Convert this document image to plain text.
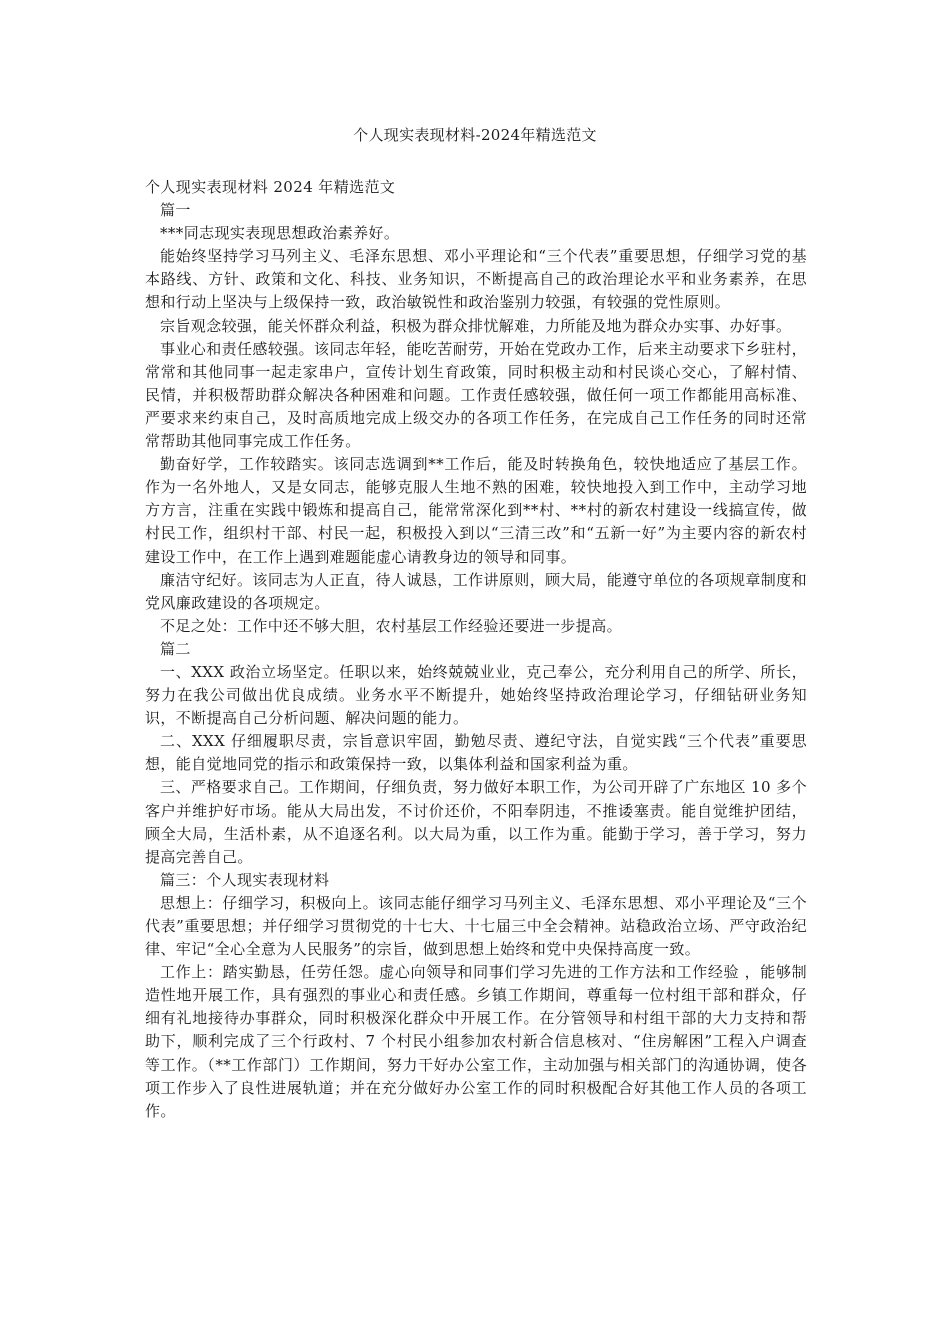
个人现实表现材料-2024年精选范文

个人现实表现材料 2024 年精选范文

篇一

***同志现实表现思想政治素养好。

能始终坚持学习马列主义、毛泽东思想、邓小平理论和“三个代表”重要思想，仔细学习党的基本路线、方针、政策和文化、科技、业务知识，不断提高自己的政治理论水平和业务素养，在思想和行动上坚决与上级保持一致，政治敏锐性和政治鉴别力较强，有较强的党性原则。

宗旨观念较强，能关怀群众利益，积极为群众排忧解难，力所能及地为群众办实事、办好事。

事业心和责任感较强。该同志年轻，能吃苦耐劳，开始在党政办工作，后来主动要求下乡驻村，常常和其他同事一起走家串户，宣传计划生育政策，同时积极主动和村民谈心交心，了解村情、民情，并积极帮助群众解决各种困难和问题。工作责任感较强，做任何一项工作都能用高标准、严要求来约束自己，及时高质地完成上级交办的各项工作任务，在完成自己工作任务的同时还常常帮助其他同事完成工作任务。

勤奋好学，工作较踏实。该同志选调到**工作后，能及时转换角色，较快地适应了基层工作。作为一名外地人，又是女同志，能够克服人生地不熟的困难，较快地投入到工作中，主动学习地方方言，注重在实践中锻炼和提高自己，能常常深化到**村、**村的新农村建设一线搞宣传，做村民工作，组织村干部、村民一起，积极投入到以“三清三改”和“五新一好”为主要内容的新农村建设工作中，在工作上遇到难题能虚心请教身边的领导和同事。

廉洁守纪好。该同志为人正直，待人诚恳，工作讲原则，顾大局，能遵守单位的各项规章制度和党风廉政建设的各项规定。

不足之处：工作中还不够大胆，农村基层工作经验还要进一步提高。

篇二

一、XXX 政治立场坚定。任职以来，始终兢兢业业，克己奉公，充分利用自己的所学、所长，努力在我公司做出优良成绩。业务水平不断提升，她始终坚持政治理论学习，仔细钻研业务知识，不断提高自己分析问题、解决问题的能力。

二、XXX 仔细履职尽责，宗旨意识牢固，勤勉尽责、遵纪守法，自觉实践“三个代表”重要思想，能自觉地同党的指示和政策保持一致，以集体利益和国家利益为重。

三、严格要求自己。工作期间，仔细负责，努力做好本职工作，为公司开辟了广东地区 10 多个客户并维护好市场。能从大局出发，不讨价还价，不阳奉阴违，不推诿塞责。能自觉维护团结，顾全大局，生活朴素，从不追逐名利。以大局为重，以工作为重。能勤于学习，善于学习，努力提高完善自己。

篇三：个人现实表现材料

思想上：仔细学习，积极向上。该同志能仔细学习马列主义、毛泽东思想、邓小平理论及“三个代表”重要思想；并仔细学习贯彻党的十七大、十七届三中全会精神。站稳政治立场、严守政治纪律、牢记“全心全意为人民服务”的宗旨，做到思想上始终和党中央保持高度一致。

工作上：踏实勤恳，任劳任怨。虚心向领导和同事们学习先进的工作方法和工作经验 ，能够制造性地开展工作，具有强烈的事业心和责任感。乡镇工作期间，尊重每一位村组干部和群众，仔细有礼地接待办事群众，同时积极深化群众中开展工作。在分管领导和村组干部的大力支持和帮助下，顺利完成了三个行政村、7 个村民小组参加农村新合信息核对、“住房解困”工程入户调查等工作。（**工作部门）工作期间，努力干好办公室工作，主动加强与相关部门的沟通协调，使各项工作步入了良性进展轨道；并在充分做好办公室工作的同时积极配合好其他工作人员的各项工作。
